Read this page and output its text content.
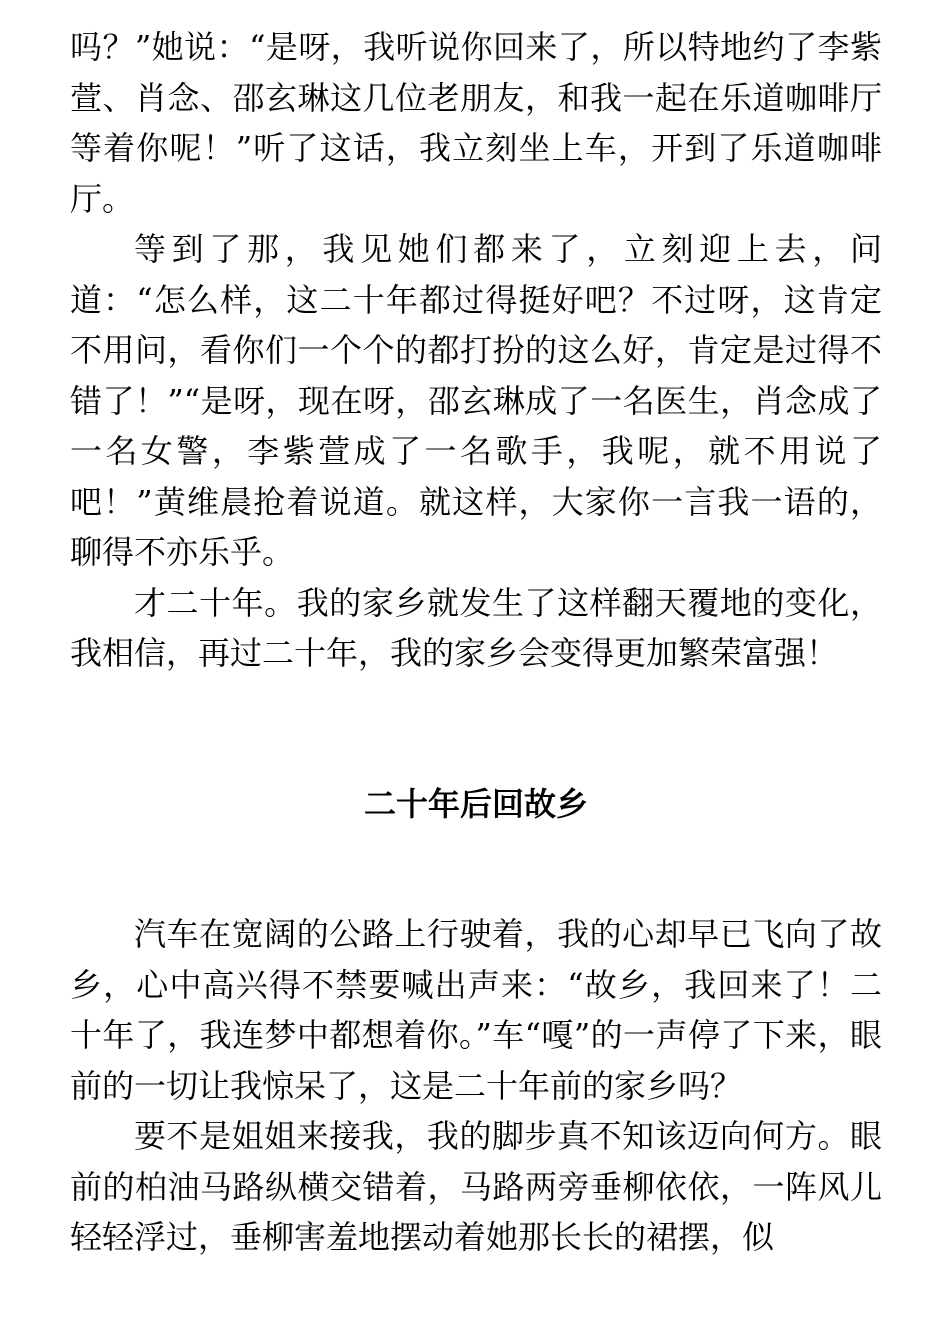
吗？”她说：“是呀，我听说你回来了，所以特地约了李紫萱、肖念、邵玄琳这几位老朋友，和我一起在乐道咖啡厅等着你呢！”听了这话，我立刻坐上车，开到了乐道咖啡厅。

等到了那，我见她们都来了，立刻迎上去，问道：“怎么样，这二十年都过得挺好吧？不过呀，这肯定不用问，看你们一个个的都打扮的这么好，肯定是过得不错了！”“是呀，现在呀，邵玄琳成了一名医生，肖念成了一名女警，李紫萱成了一名歌手，我呢，就不用说了吧！”黄维晨抢着说道。就这样，大家你一言我一语的，聊得不亦乐乎。

才二十年。我的家乡就发生了这样翻天覆地的变化，我相信，再过二十年，我的家乡会变得更加繁荣富强！

二十年后回故乡

汽车在宽阔的公路上行驶着，我的心却早已飞向了故乡，心中高兴得不禁要喊出声来：“故乡，我回来了！二十年了，我连梦中都想着你。”车“嘎”的一声停了下来，眼前的一切让我惊呆了，这是二十年前的家乡吗？

要不是姐姐来接我，我的脚步真不知该迈向何方。眼前的柏油马路纵横交错着，马路两旁垂柳依依，一阵风儿轻轻浮过，垂柳害羞地摆动着她那长长的裙摆，似
